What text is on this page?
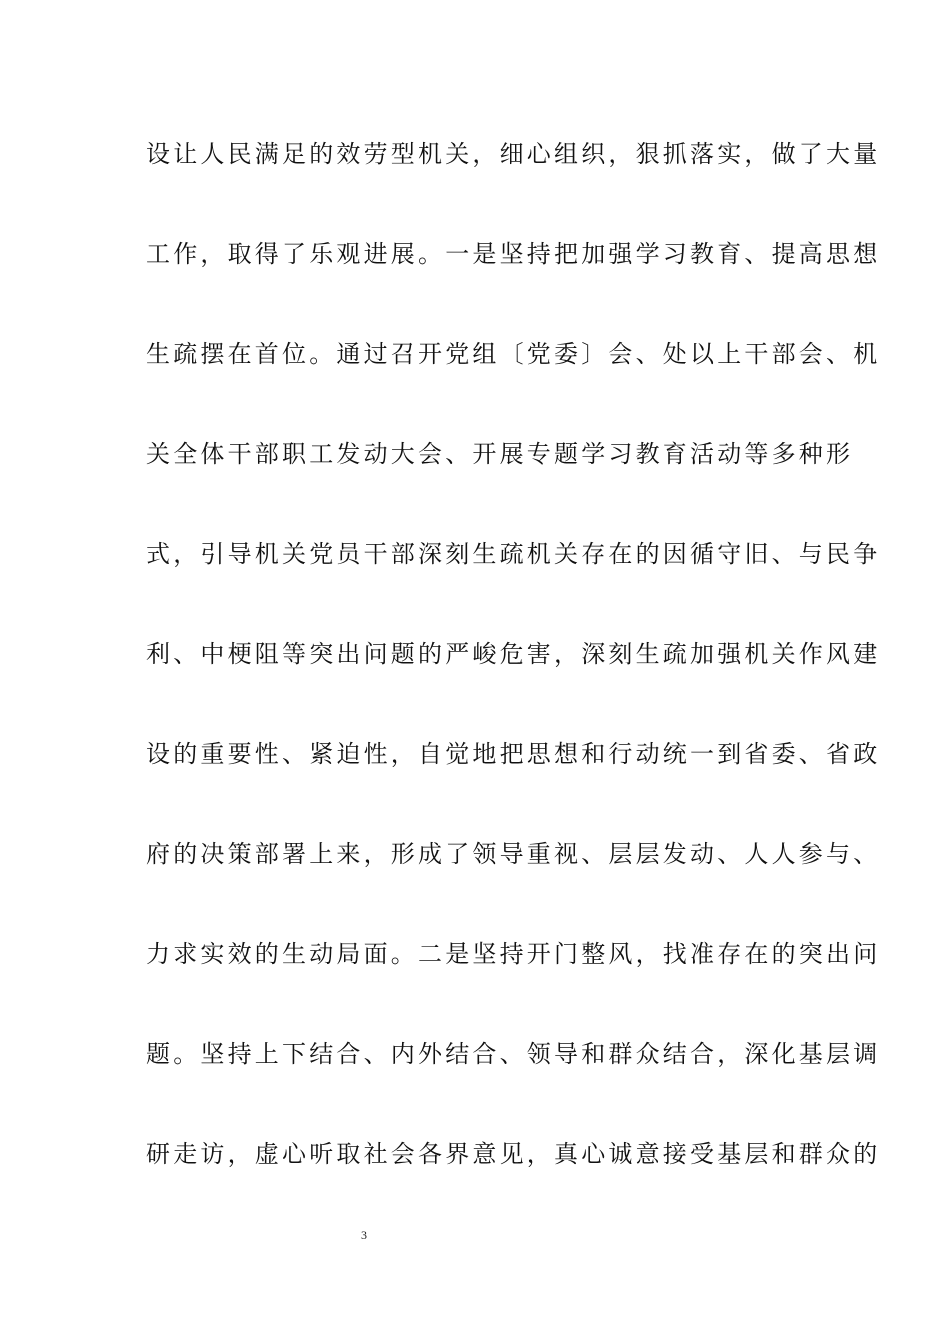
设让人民满足的效劳型机关，细心组织，狠抓落实，做了大量
工作，取得了乐观进展。一是坚持把加强学习教育、提高思想
生疏摆在首位。通过召开党组〔党委〕会、处以上干部会、机
关全体干部职工发动大会、开展专题学习教育活动等多种形
式，引导机关党员干部深刻生疏机关存在的因循守旧、与民争
利、中梗阻等突出问题的严峻危害，深刻生疏加强机关作风建
设的重要性、紧迫性，自觉地把思想和行动统一到省委、省政
府的决策部署上来，形成了领导重视、层层发动、人人参与、
力求实效的生动局面。二是坚持开门整风，找准存在的突出问
题。坚持上下结合、内外结合、领导和群众结合，深化基层调
研走访，虚心听取社会各界意见，真心诚意接受基层和群众的
3
